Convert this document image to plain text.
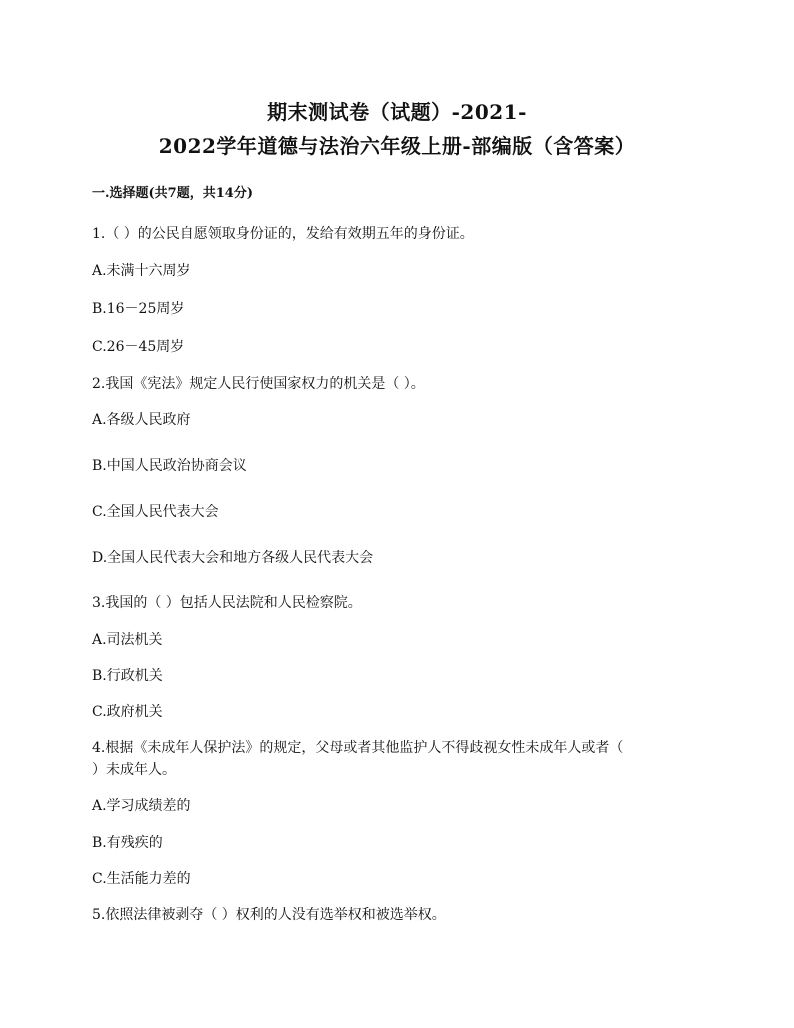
期末测试卷（试题）-2021-
2022学年道德与法治六年级上册-部编版（含答案）
一.选择题(共7题，共14分)
1.（ ）的公民自愿领取身份证的，发给有效期五年的身份证。
A.未满十六周岁
B.16－25周岁
C.26－45周岁
2.我国《宪法》规定人民行使国家权力的机关是（ ）。
A.各级人民政府
B.中国人民政治协商会议
C.全国人民代表大会
D.全国人民代表大会和地方各级人民代表大会
3.我国的（ ）包括人民法院和人民检察院。
A.司法机关
B.行政机关
C.政府机关
4.根据《未成年人保护法》的规定，父母或者其他监护人不得歧视女性未成年人或者（
）未成年人。
A.学习成绩差的
B.有残疾的
C.生活能力差的
5.依照法律被剥夺（ ）权利的人没有选举权和被选举权。
